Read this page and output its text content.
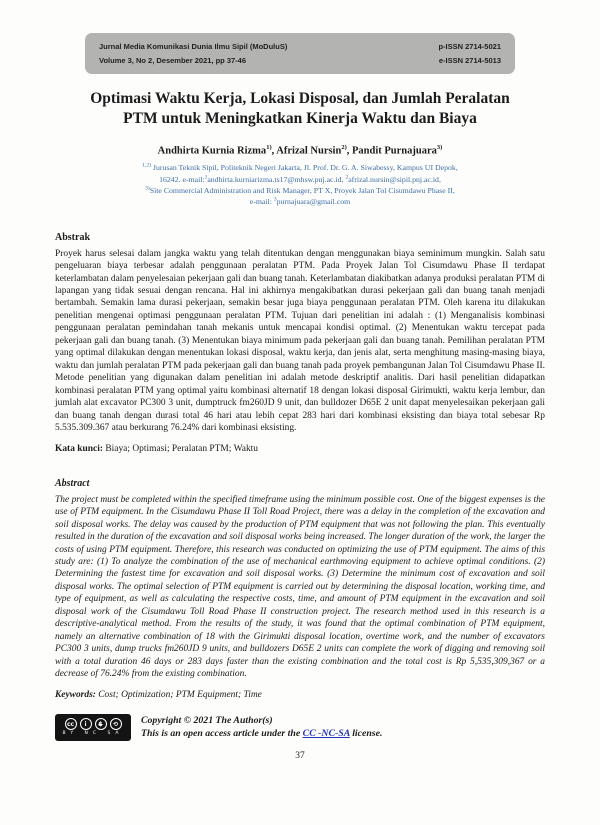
Jurnal Media Komunikasi Dunia Ilmu Sipil (MoDuluS)
Volume 3, No 2, Desember 2021, pp 37-46
p-ISSN 2714-5021
e-ISSN 2714-5013
Optimasi Waktu Kerja, Lokasi Disposal, dan Jumlah Peralatan PTM untuk Meningkatkan Kinerja Waktu dan Biaya
Andhirta Kurnia Rizma$^{1)}$, Afrizal Nursin$^{2)}$, Pandit Purnajuara$^{3)}$
$^{1,2)}$ Jurusan Teknik Sipil, Politeknik Negeri Jakarta, Jl. Prof. Dr. G. A. Siwabessy, Kampus UI Depok,
16242. e-mail:$^1$andhirta.kurniarizma.ts17@mhsw.pnj.ac.id, $^2$afrizal.nursin@sipil.pnj.ac.id,
$^{3)}$Site Commercial Administration and Risk Manager, PT X, Proyek Jalan Tol Cisumdawu Phase II,
e-mail: $^3$purnajuara@gmail.com
Abstrak

Proyek harus selesai dalam jangka waktu yang telah ditentukan dengan menggunakan biaya seminimum mungkin. Salah satu pengeluaran biaya terbesar adalah penggunaan peralatan PTM. Pada Proyek Jalan Tol Cisumdawu Phase II terdapat keterlambatan dalam penyelesaian pekerjaan gali dan buang tanah. Keterlambatan diakibatkan adanya produksi peralatan PTM di lapangan yang tidak sesuai dengan rencana. Hal ini akhirnya mengakibatkan durasi pekerjaan gali dan buang tanah menjadi bertambah. Semakin lama durasi pekerjaan, semakin besar juga biaya penggunaan peralatan PTM. Oleh karena itu dilakukan penelitian mengenai optimasi penggunaan peralatan PTM. Tujuan dari penelitian ini adalah : (1) Menganalisis kombinasi penggunaan peralatan pemindahan tanah mekanis untuk mencapai kondisi optimal. (2) Menentukan waktu tercepat pada pekerjaan gali dan buang tanah. (3) Menentukan biaya minimum pada pekerjaan gali dan buang tanah. Pemilihan peralatan PTM yang optimal dilakukan dengan menentukan lokasi disposal, waktu kerja, dan jenis alat, serta menghitung masing-masing biaya, waktu dan jumlah peralatan PTM pada pekerjaan gali dan buang tanah pada proyek pembangunan Jalan Tol Cisumdawu Phase II. Metode penelitian yang digunakan dalam penelitian ini adalah metode deskriptif analitis. Dari hasil penelitian didapatkan kombinasi peralatan PTM yang optimal yaitu kombinasi alternatif 18 dengan lokasi disposal Girimukti, waktu kerja lembur, dan jumlah alat excavator PC300 3 unit, dumptruck fm260JD 9 unit, dan bulldozer D65E 2 unit dapat menyelesaikan pekerjaan gali dan buang tanah dengan durasi total 46 hari atau lebih cepat 283 hari dari kombinasi eksisting dan biaya total sebesar Rp 5.535.309.367 atau berkurang 76.24% dari kombinasi eksisting.

Kata kunci: Biaya; Optimasi; Peralatan PTM; Waktu

Abstract

The project must be completed within the specified timeframe using the minimum possible cost. One of the biggest expenses is the use of PTM equipment. In the Cisumdawu Phase II Toll Road Project, there was a delay in the completion of the excavation and soil disposal works. The delay was caused by the production of PTM equipment that was not following the plan. This eventually resulted in the duration of the excavation and soil disposal works being increased. The longer duration of the work, the larger the costs of using PTM equipment. Therefore, this research was conducted on optimizing the use of PTM equipment. The aims of this study are: (1) To analyze the combination of the use of mechanical earthmoving equipment to achieve optimal conditions. (2) Determining the fastest time for excavation and soil disposal works. (3) Determine the minimum cost of excavation and soil disposal works. The optimal selection of PTM equipment is carried out by determining the disposal location, working time, and type of equipment, as well as calculating the respective costs, time, and amount of PTM equipment in the excavation and soil disposal work of the Cisumdawu Toll Road Phase II construction project. The research method used in this research is a descriptive-analytical method. From the results of the study, it was found that the optimal combination of PTM equipment, namely an alternative combination of 18 with the Girimukti disposal location, overtime work, and the number of excavators PC300 3 units, dump trucks fm260JD 9 units, and bulldozers D65E 2 units can complete the work of digging and removing soil with a total duration 46 days or 283 days faster than the existing combination and the total cost is Rp 5,535,309,367 or a decrease of 76.24% from the existing combination.

Keywords: Cost; Optimization; PTM Equipment; Time

cc	i	$	⟲
BY NC SA
Copyright © 2021 The Author(s)
This is an open access article under the CC -NC-SA license.
37
